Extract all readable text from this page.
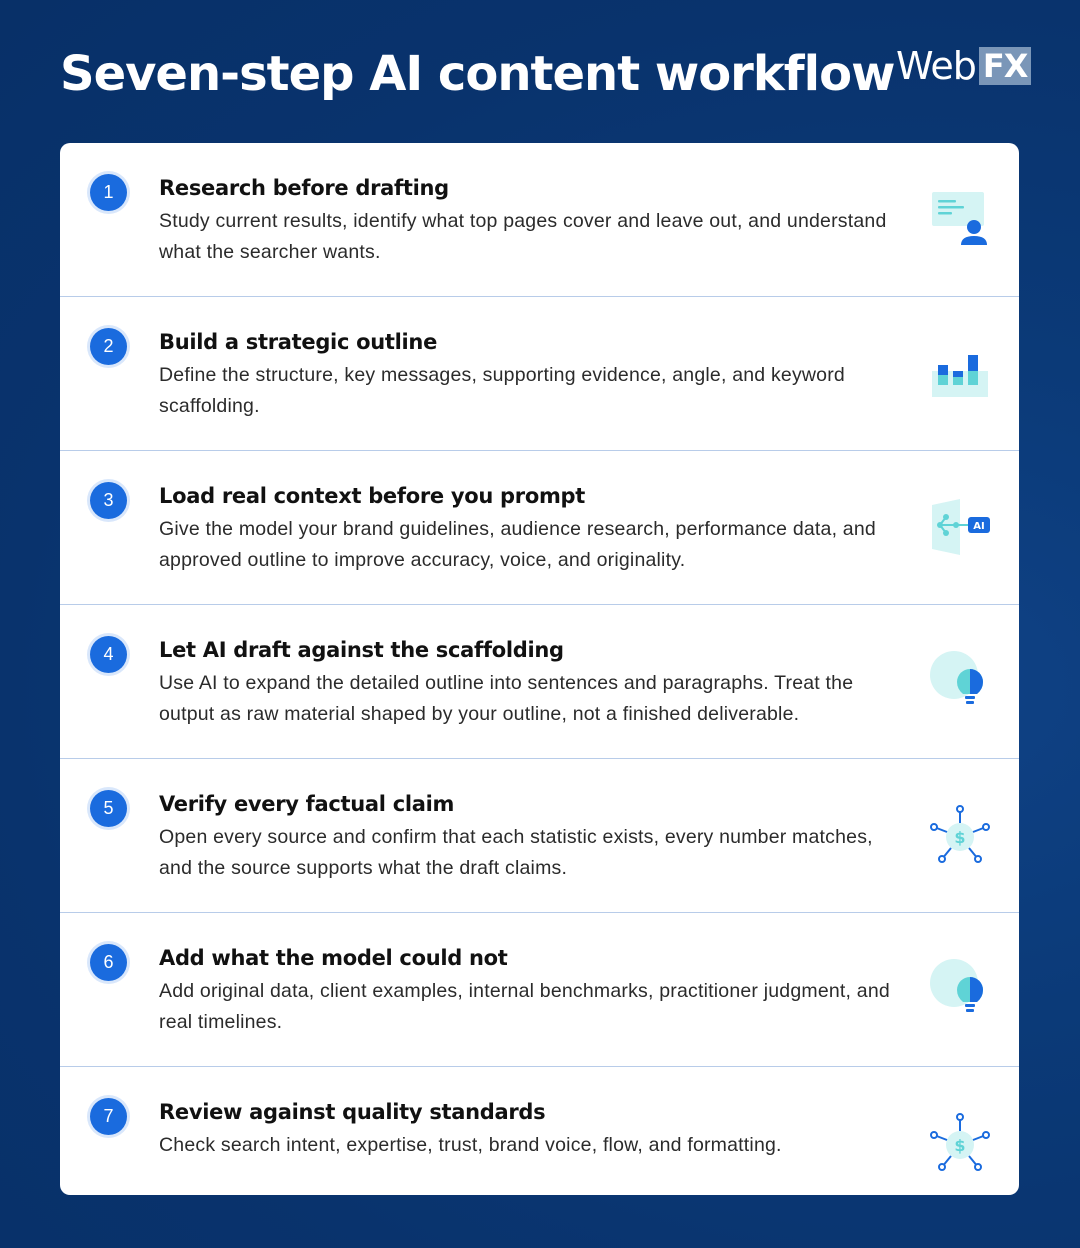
Seven-step AI content workflow Web FX
1	Research before drafting

Study current results, identify what top pages cover and leave out, and understand what the searcher wants.

2	Build a strategic outline

Define the structure, key messages, supporting evidence, angle, and keyword scaffolding.

3	Load real context before you prompt

Give the model your brand guidelines, audience research, performance data, and approved outline to improve accuracy, voice, and originality.

AI
4	Let AI draft against the scaffolding

Use AI to expand the detailed outline into sentences and paragraphs. Treat the output as raw material shaped by your outline, not a finished deliverable.

5	Verify every factual claim

Open every source and confirm that each statistic exists, every number matches, and the source supports what the draft claims.

$
6	Add what the model could not

Add original data, client examples, internal benchmarks, practitioner judgment, and real timelines.

7	Review against quality standards

Check search intent, expertise, trust, brand voice, flow, and formatting.	$
